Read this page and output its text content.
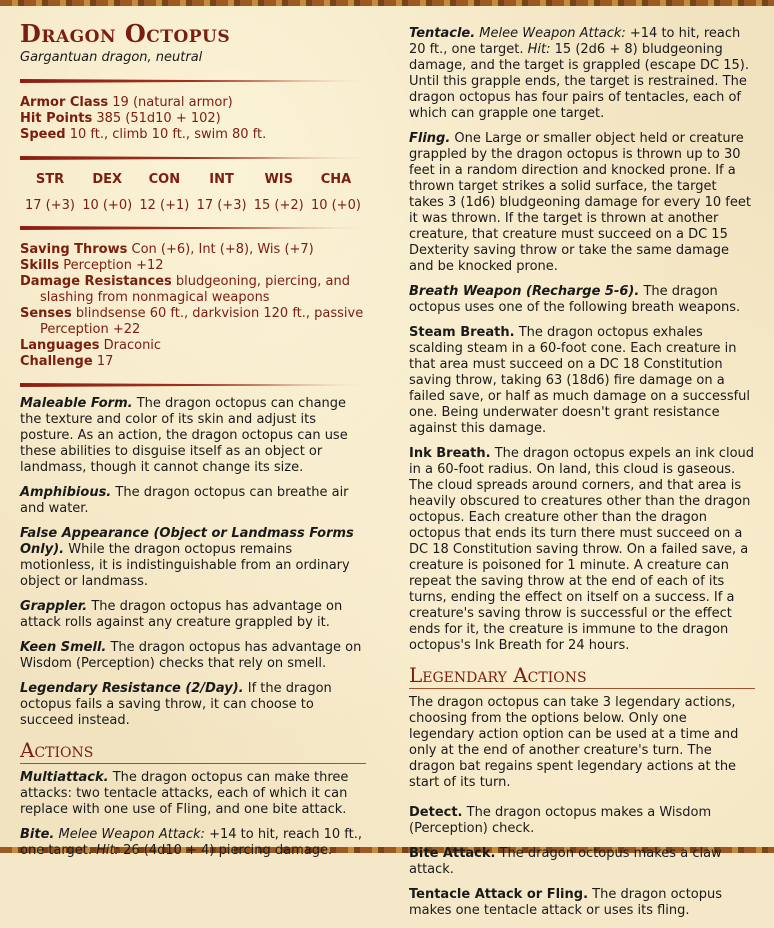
Dragon Octopus
Gargantuan dragon, neutral

Armor Class 19 (natural armor)

Hit Points 385 (51d10 + 102)

Speed 10 ft., climb 10 ft., swim 80 ft.

STR
17 (+3)
DEX
10 (+0)
CON
12 (+1)
INT
17 (+3)
WIS
15 (+2)
CHA
10 (+0)

Saving Throws Con (+6), Int (+8), Wis (+7)

Skills Perception +12

Damage Resistances bludgeoning, piercing, and slashing from nonmagical weapons

Senses blindsense 60 ft., darkvision 120 ft., passive Perception +22

Languages Draconic

Challenge 17

Maleable Form. The dragon octopus can change the texture and color of its skin and adjust its posture. As an action, the dragon octopus can use these abilities to disguise itself as an object or landmass, though it cannot change its size.

Amphibious. The dragon octopus can breathe air and water.

False Appearance (Object or Landmass Forms Only). While the dragon octopus remains motionless, it is indistinguishable from an ordinary object or landmass.

Grappler. The dragon octopus has advantage on attack rolls against any creature grappled by it.

Keen Smell. The dragon octopus has advantage on Wisdom (Perception) checks that rely on smell.

Legendary Resistance (2/Day). If the dragon octopus fails a saving throw, it can choose to succeed instead.

Actions

Multiattack. The dragon octopus can make three attacks: two tentacle attacks, each of which it can replace with one use of Fling, and one bite attack.

Bite. Melee Weapon Attack: +14 to hit, reach 10 ft., one target. Hit: 26 (4d10 + 4) piercing damage.

Tentacle. Melee Weapon Attack: +14 to hit, reach 20 ft., one target. Hit: 15 (2d6 + 8) bludgeoning damage, and the target is grappled (escape DC 15). Until this grapple ends, the target is restrained. The dragon octopus has four pairs of tentacles, each of which can grapple one target.

Fling. One Large or smaller object held or creature grappled by the dragon octopus is thrown up to 30 feet in a random direction and knocked prone. If a thrown target strikes a solid surface, the target takes 3 (1d6) bludgeoning damage for every 10 feet it was thrown. If the target is thrown at another creature, that creature must succeed on a DC 15 Dexterity saving throw or take the same damage and be knocked prone.

Breath Weapon (Recharge 5-6). The dragon octopus uses one of the following breath weapons.

Steam Breath. The dragon octopus exhales scalding steam in a 60-foot cone. Each creature in that area must succeed on a DC 18 Constitution saving throw, taking 63 (18d6) fire damage on a failed save, or half as much damage on a successful one. Being underwater doesn't grant resistance against this damage.

Ink Breath. The dragon octopus expels an ink cloud in a 60-foot radius. On land, this cloud is gaseous. The cloud spreads around corners, and that area is heavily obscured to creatures other than the dragon octopus. Each creature other than the dragon octopus that ends its turn there must succeed on a DC 18 Constitution saving throw. On a failed save, a creature is poisoned for 1 minute. A creature can repeat the saving throw at the end of each of its turns, ending the effect on itself on a success. If a creature's saving throw is successful or the effect ends for it, the creature is immune to the dragon octopus's Ink Breath for 24 hours.

Legendary Actions

The dragon octopus can take 3 legendary actions, choosing from the options below. Only one legendary action option can be used at a time and only at the end of another creature's turn. The dragon bat regains spent legendary actions at the start of its turn.

Detect. The dragon octopus makes a Wisdom (Perception) check.

Bite Attack. The dragon octopus makes a claw attack.

Tentacle Attack or Fling. The dragon octopus makes one tentacle attack or uses its fling.
